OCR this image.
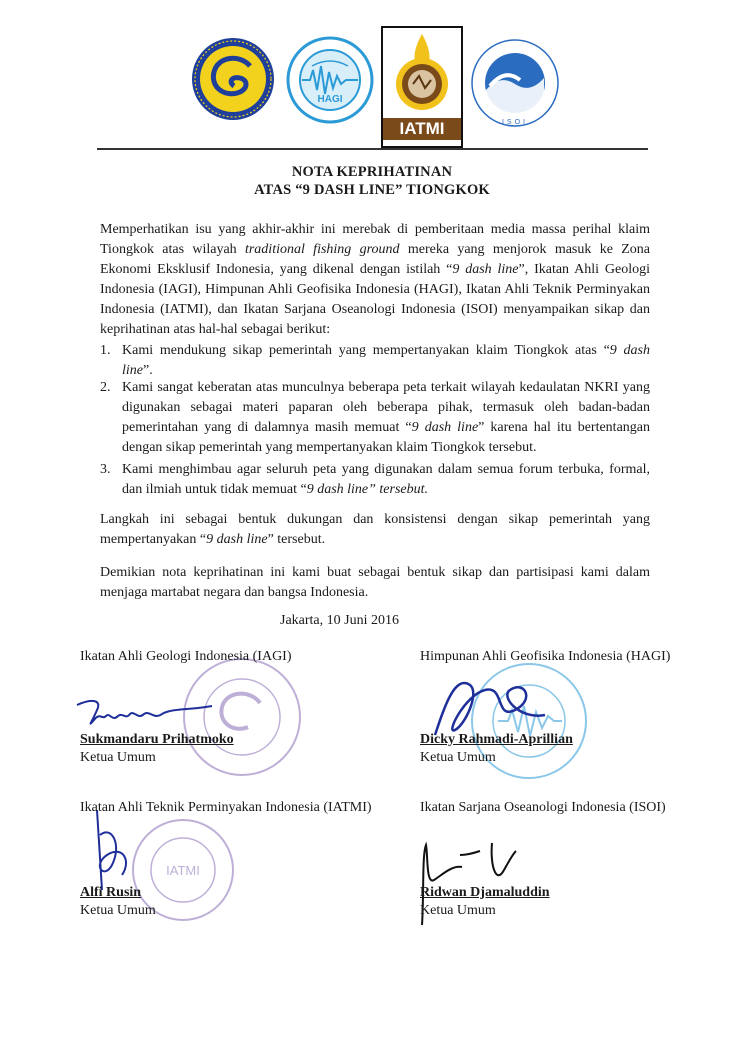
HAGI
IATMI	ISOI
NOTA KEPRIHATINAN
ATAS “9 DASH LINE” TIONGKOK
Memperhatikan isu yang akhir-akhir ini merebak di pemberitaan media massa perihal klaim Tiongkok atas wilayah traditional fishing ground mereka yang menjorok masuk ke Zona Ekonomi Eksklusif Indonesia, yang dikenal dengan istilah “9 dash line”, Ikatan Ahli Geologi Indonesia (IAGI), Himpunan Ahli Geofisika Indonesia (HAGI), Ikatan Ahli Teknik Perminyakan Indonesia (IATMI), dan Ikatan Sarjana Oseanologi Indonesia (ISOI) menyampaikan sikap dan keprihatinan atas hal-hal sebagai berikut:
1. Kami mendukung sikap pemerintah yang mempertanyakan klaim Tiongkok atas “9 dash line”.
2. Kami sangat keberatan atas munculnya beberapa peta terkait wilayah kedaulatan NKRI yang digunakan sebagai materi paparan oleh beberapa pihak, termasuk oleh badan-badan pemerintahan yang di dalamnya masih memuat “9 dash line” karena hal itu bertentangan dengan sikap pemerintah yang mempertanyakan klaim Tiongkok tersebut.
3. Kami menghimbau agar seluruh peta yang digunakan dalam semua forum terbuka, formal, dan ilmiah untuk tidak memuat “9 dash line” tersebut.
Langkah ini sebagai bentuk dukungan dan konsistensi dengan sikap pemerintah yang mempertanyakan “9 dash line” tersebut.
Demikian nota keprihatinan ini kami buat sebagai bentuk sikap dan partisipasi kami dalam menjaga martabat negara dan bangsa Indonesia.
Jakarta, 10 Juni 2016
IATMI
Ikatan Ahli Geologi Indonesia (IAGI)
Sukmandaru Prihatmoko
Ketua Umum
Himpunan Ahli Geofisika Indonesia (HAGI)
Dicky Rahmadi-Aprillian
Ketua Umum
Ikatan Ahli Teknik Perminyakan Indonesia (IATMI)
Alfi Rusin
Ketua Umum
Ikatan Sarjana Oseanologi Indonesia (ISOI)
Ridwan Djamaluddin
Ketua Umum
